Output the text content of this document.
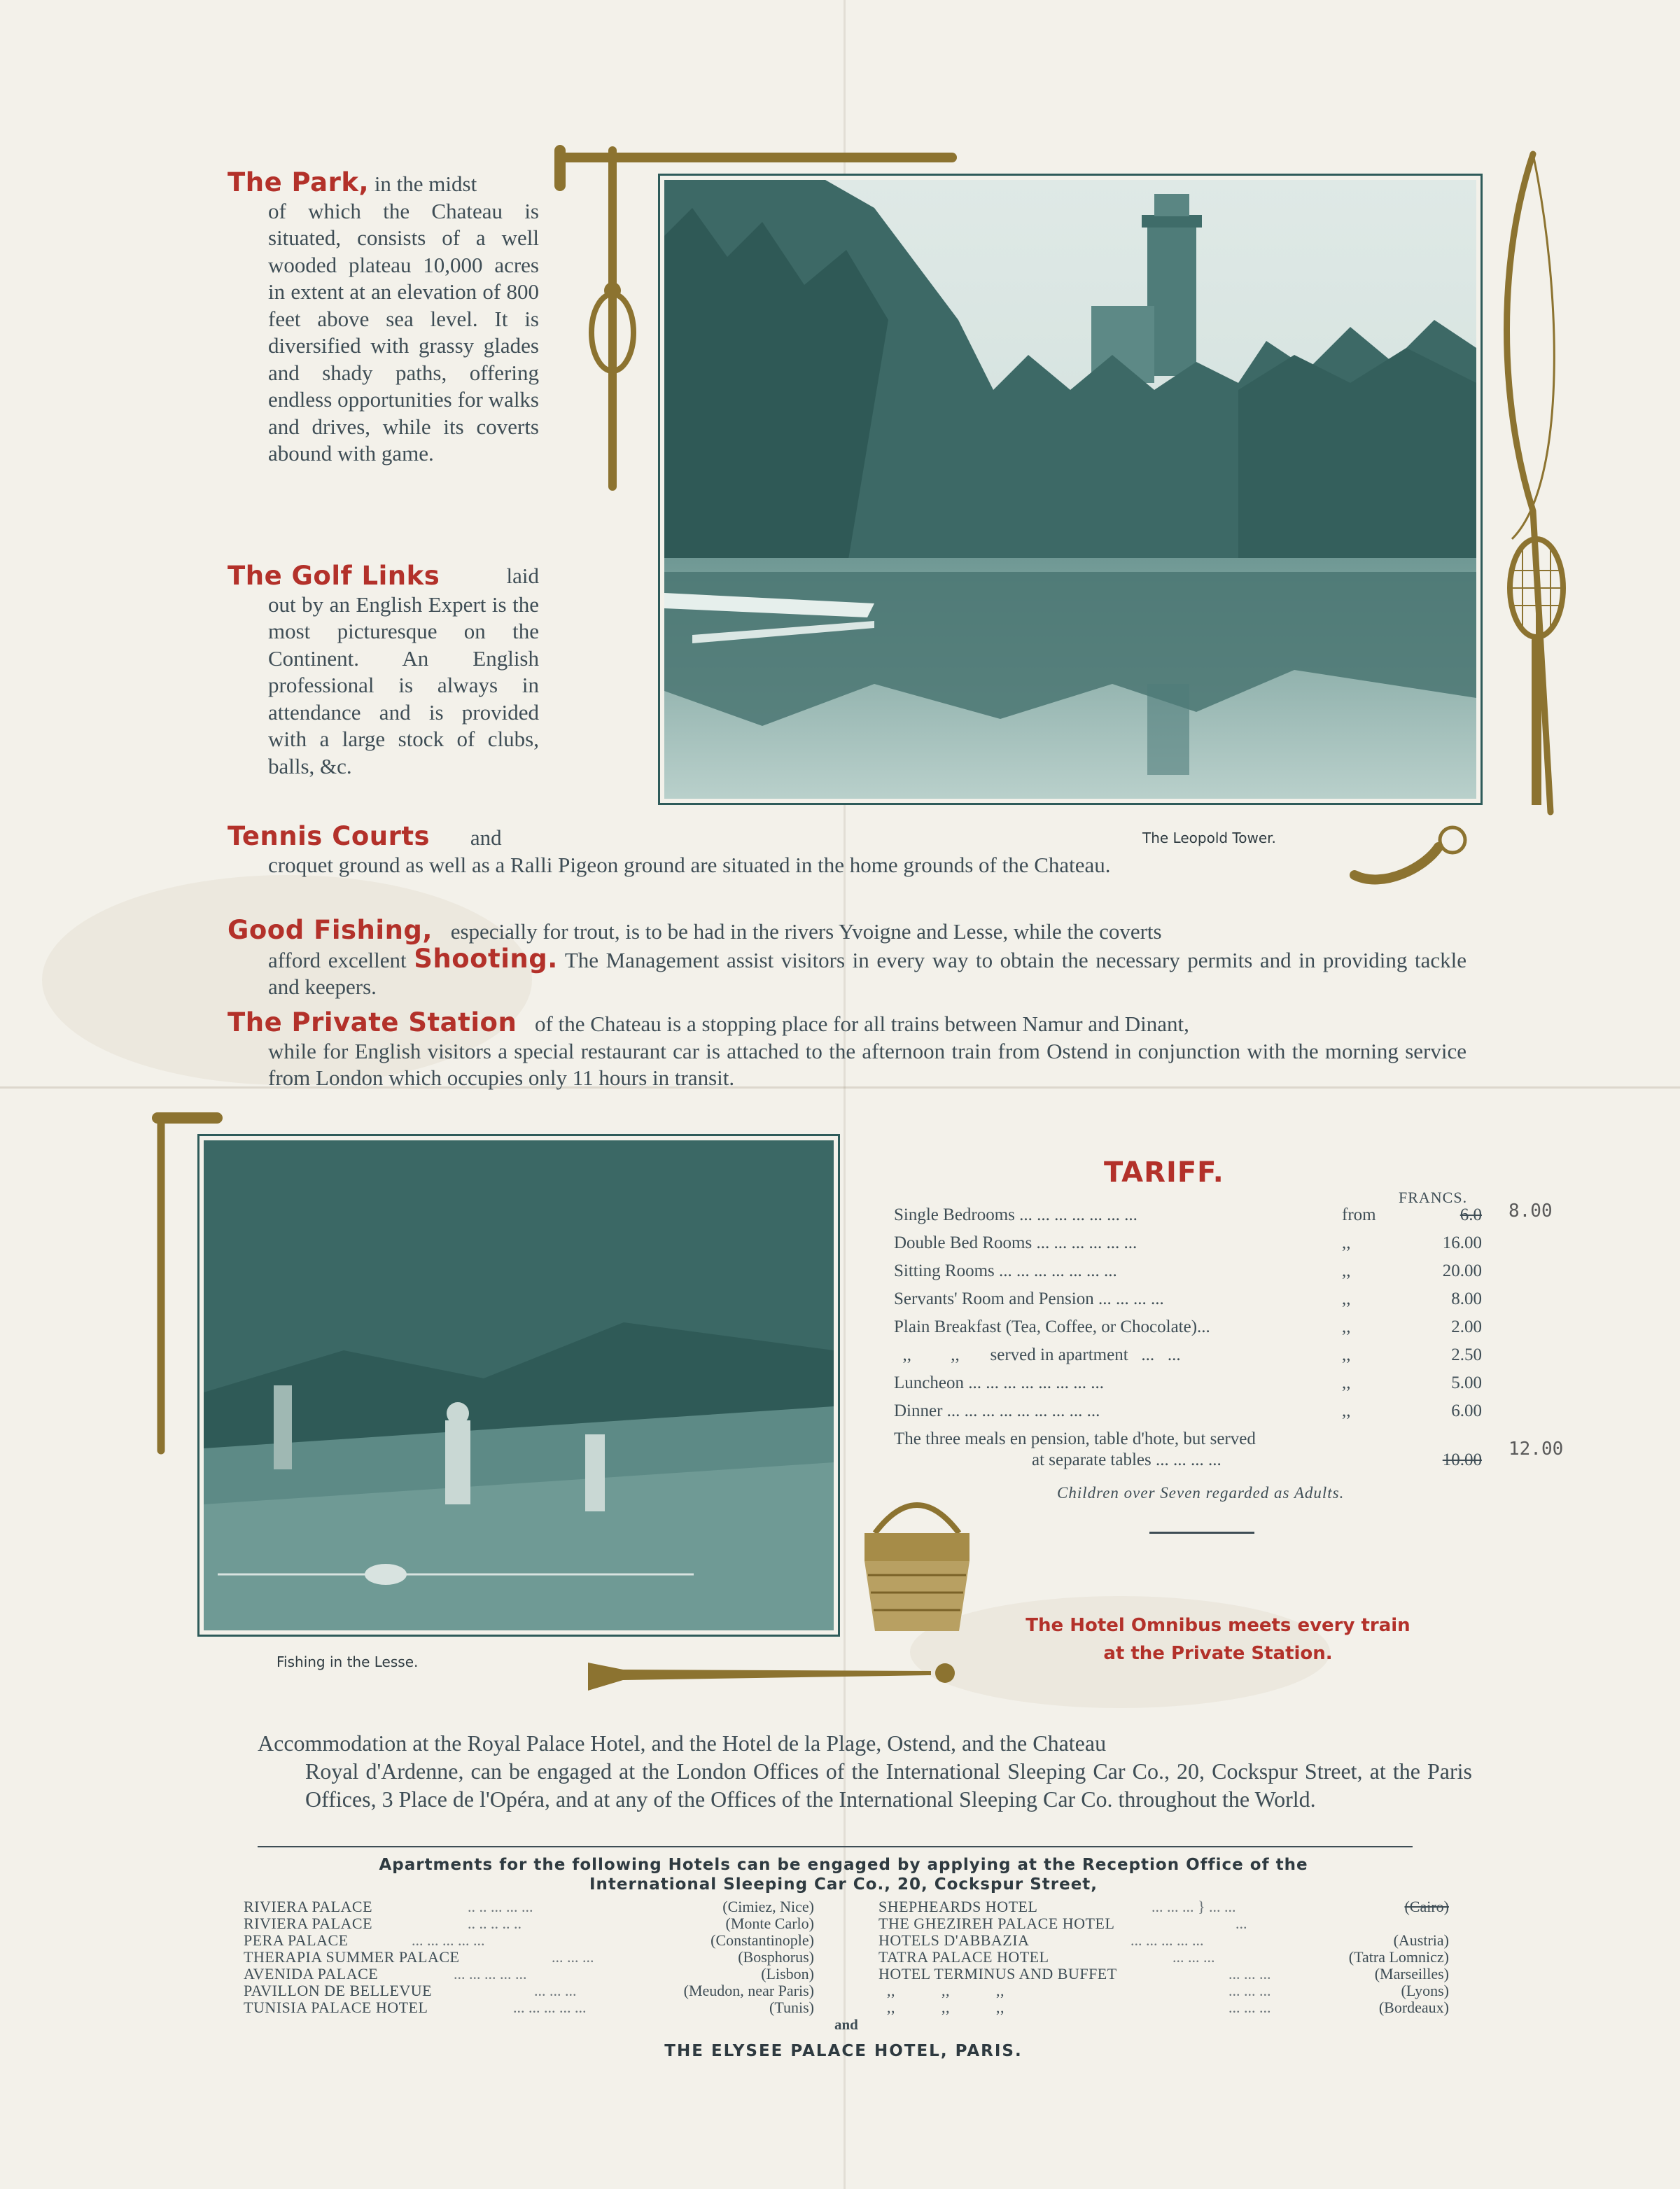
The Park, in the midst
of which the Chateau is situated, consists of a well wooded plateau 10,000 acres in extent at an elevation of 800 feet above sea level. It is diversified with grassy glades and shady paths, offering endless opportunities for walks and drives, while its coverts abound with game.
The Golf Links	laid
out by an English Expert is the most picturesque on the Continent. An English professional is always in attendance and is provided with a large stock of clubs, balls, &c.
Tennis Courts and
croquet ground as well as a Ralli Pigeon ground are situated in the home grounds of the Chateau.
Good Fishing, especially for trout, is to be had in the rivers Yvoigne and Lesse, while the coverts
afford excellent Shooting. The Management assist visitors in every way to obtain the necessary permits and in providing tackle and keepers.
The Private Station of the Chateau is a stopping place for all trains between Namur and Dinant,
while for English visitors a special restaurant car is attached to the afternoon train from Ostend in conjunction with the morning service from London which occupies only 11 hours in transit.
The Leopold Tower.
Fishing in the Lesse.
TARIFF.
FRANCS.
Single Bedrooms ... ... ... ... ... ... ...	from	6.0
Double Bed Rooms ... ... ... ... ... ...	,,	16.00
Sitting Rooms ... ... ... ... ... ... ...	,,	20.00
Servants' Room and Pension ... ... ... ...	,,	8.00
Plain Breakfast (Tea, Coffee, or Chocolate)...	,,	2.00
,,         ,,       served in apartment   ...   ...	,,	2.50
Luncheon ... ... ... ... ... ... ... ...	,,	5.00
Dinner ... ... ... ... ... ... ... ... ...	,,	6.00
The three meals en pension, table d'hote, but served
at separate tables ... ... ... ...	10.00
8.00
12.00
Children over Seven regarded as Adults.
The Hotel Omnibus meets every train
at the Private Station.
Accommodation at the Royal Palace Hotel, and the Hotel de la Plage, Ostend, and the Chateau
Royal d'Ardenne, can be engaged at the London Offices of the International Sleeping Car Co., 20, Cockspur Street, at the Paris Offices, 3 Place de l'Opéra, and at any of the Offices of the International Sleeping Car Co. throughout the World.
Apartments for the following Hotels can be engaged by applying at the Reception Office of the
International Sleeping Car Co., 20, Cockspur Street,
RIVIERA PALACE	.. .. ... ... ...	(Cimiez, Nice)
RIVIERA PALACE	.. .. .. .. ..	(Monte Carlo)
PERA PALACE	... ... ... ... ...	(Constantinople)
THERAPIA SUMMER PALACE	... ... ...	(Bosphorus)
AVENIDA PALACE	... ... ... ... ...	(Lisbon)
PAVILLON DE BELLEVUE	... ... ...	(Meudon, near Paris)
TUNISIA PALACE HOTEL	... ... ... ... ...	(Tunis)
SHEPHEARDS HOTEL	... ... ... } ... ...	(Cairo)
THE GHEZIREH PALACE HOTEL	...
HOTELS D'ABBAZIA	... ... ... ... ...	(Austria)
TATRA PALACE HOTEL	... ... ...	(Tatra Lomnicz)
HOTEL TERMINUS AND BUFFET	... ... ...	(Marseilles)
,,           ,,           ,,	... ... ...	(Lyons)
,,           ,,           ,,	... ... ...	(Bordeaux)
and
THE ELYSEE PALACE HOTEL, PARIS.
